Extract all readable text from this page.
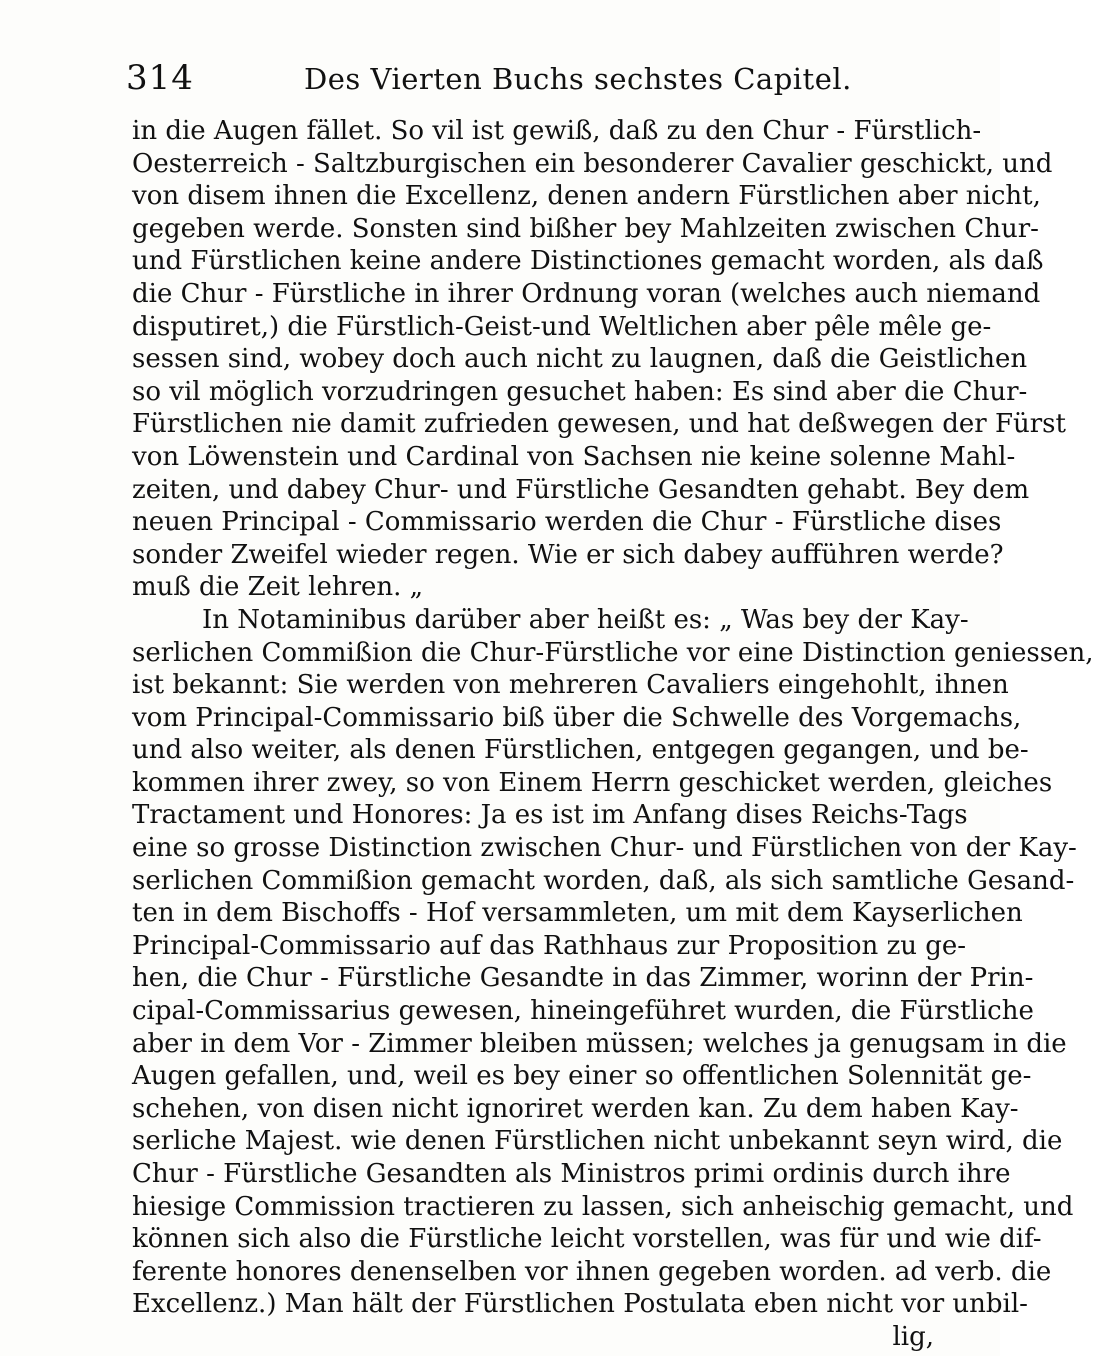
314	Des Vierten Buchs sechstes Capitel.
in die Augen fället. So vil ist gewiß, daß zu den Chur - Fürstlich-
Oesterreich - Saltzburgischen ein besonderer Cavalier geschickt, und
von disem ihnen die Excellenz, denen andern Fürstlichen aber nicht,
gegeben werde. Sonsten sind bißher bey Mahlzeiten zwischen Chur-
und Fürstlichen keine andere Distinctiones gemacht worden, als daß
die Chur - Fürstliche in ihrer Ordnung voran (welches auch niemand
disputiret,) die Fürstlich-Geist-und Weltlichen aber pêle mêle ge-
sessen sind, wobey doch auch nicht zu laugnen, daß die Geistlichen
so vil möglich vorzudringen gesuchet haben: Es sind aber die Chur-
Fürstlichen nie damit zufrieden gewesen, und hat deßwegen der Fürst
von Löwenstein und Cardinal von Sachsen nie keine solenne Mahl-
zeiten, und dabey Chur- und Fürstliche Gesandten gehabt. Bey dem
neuen Principal - Commissario werden die Chur - Fürstliche dises
sonder Zweifel wieder regen. Wie er sich dabey aufführen werde?
muß die Zeit lehren. „
In Notaminibus darüber aber heißt es: „ Was bey der Kay-
serlichen Commißion die Chur-Fürstliche vor eine Distinction geniessen,
ist bekannt: Sie werden von mehreren Cavaliers eingehohlt, ihnen
vom Principal-Commissario biß über die Schwelle des Vorgemachs,
und also weiter, als denen Fürstlichen, entgegen gegangen, und be-
kommen ihrer zwey, so von Einem Herrn geschicket werden, gleiches
Tractament und Honores: Ja es ist im Anfang dises Reichs-Tags
eine so grosse Distinction zwischen Chur- und Fürstlichen von der Kay-
serlichen Commißion gemacht worden, daß, als sich samtliche Gesand-
ten in dem Bischoffs - Hof versammleten, um mit dem Kayserlichen
Principal-Commissario auf das Rathhaus zur Proposition zu ge-
hen, die Chur - Fürstliche Gesandte in das Zimmer, worinn der Prin-
cipal-Commissarius gewesen, hineingeführet wurden, die Fürstliche
aber in dem Vor - Zimmer bleiben müssen; welches ja genugsam in die
Augen gefallen, und, weil es bey einer so offentlichen Solennität ge-
schehen, von disen nicht ignoriret werden kan. Zu dem haben Kay-
serliche Majest. wie denen Fürstlichen nicht unbekannt seyn wird, die
Chur - Fürstliche Gesandten als Ministros primi ordinis durch ihre
hiesige Commission tractieren zu lassen, sich anheischig gemacht, und
können sich also die Fürstliche leicht vorstellen, was für und wie dif-
ferente honores denenselben vor ihnen gegeben worden. ad verb. die
Excellenz.) Man hält der Fürstlichen Postulata eben nicht vor unbil-
lig,
